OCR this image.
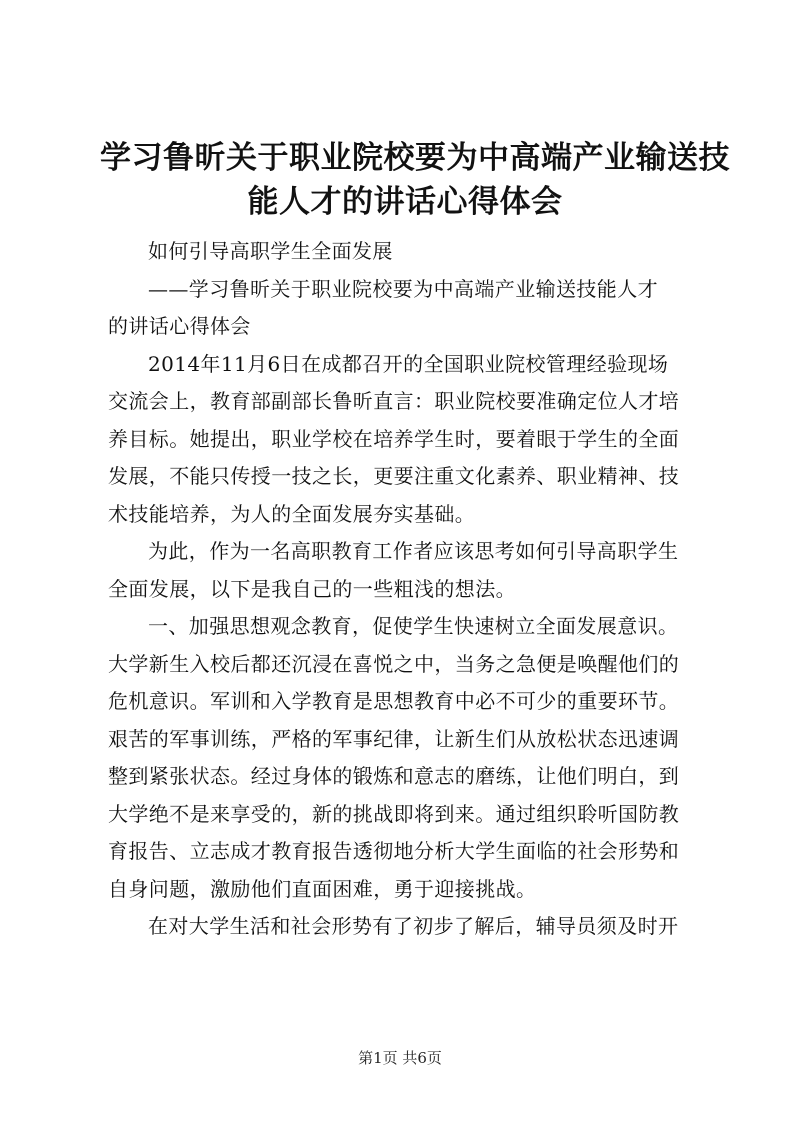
学习鲁昕关于职业院校要为中高端产业输送技
能人才的讲话心得体会

如何引导高职学生全面发展

——学习鲁昕关于职业院校要为中高端产业输送技能人才
的讲话心得体会

2014年11月6日在成都召开的全国职业院校管理经验现场
交流会上，教育部副部长鲁昕直言：职业院校要准确定位人才培
养目标。她提出，职业学校在培养学生时，要着眼于学生的全面
发展，不能只传授一技之长，更要注重文化素养、职业精神、技
术技能培养，为人的全面发展夯实基础。

为此，作为一名高职教育工作者应该思考如何引导高职学生
全面发展，以下是我自己的一些粗浅的想法。

一、加强思想观念教育，促使学生快速树立全面发展意识。
大学新生入校后都还沉浸在喜悦之中，当务之急便是唤醒他们的
危机意识。军训和入学教育是思想教育中必不可少的重要环节。
艰苦的军事训练，严格的军事纪律，让新生们从放松状态迅速调
整到紧张状态。经过身体的锻炼和意志的磨练，让他们明白，到
大学绝不是来享受的，新的挑战即将到来。通过组织聆听国防教
育报告、立志成才教育报告透彻地分析大学生面临的社会形势和
自身问题，激励他们直面困难，勇于迎接挑战。

在对大学生活和社会形势有了初步了解后，辅导员须及时开

第1页 共6页
